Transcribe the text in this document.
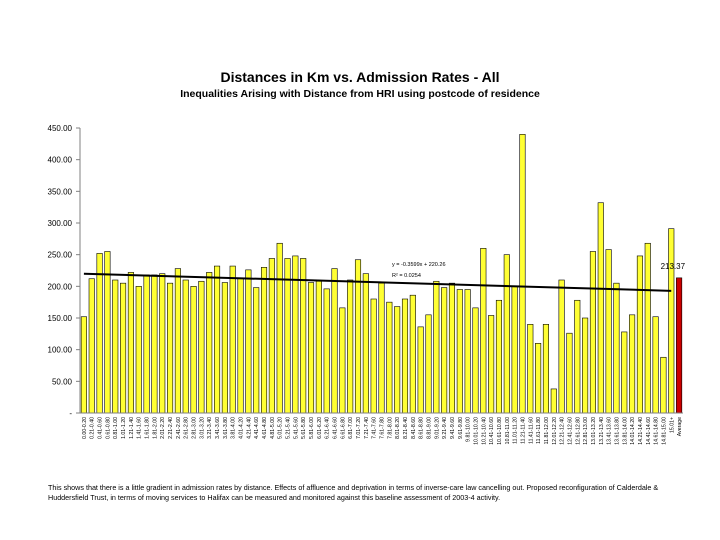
Distances in Km vs. Admission Rates - All
Inequalities Arising with Distance from HRI using postcode of residence
-
50.00
100.00
150.00
200.00
250.00
300.00
350.00
400.00
450.00
y = -0.3599x + 220.26
R² = 0.0254
0.00-0.20 0.21-0.40 0.41-0.60 0.61-0.80 0.81-1.00 1.01-1.20 1.21-1.40 1.41-1.60 1.61-1.80 1.81-2.00 2.01-2.20 2.21-2.40 2.41-2.60 2.61-2.80 2.81-3.00 3.01-3.20 3.21-3.40 3.41-3.60 3.61-3.80 3.81-4.00 4.01-4.20 4.21-4.40 4.41-4.60 4.61-4.80 4.81-5.00 5.01-5.20 5.21-5.40 5.41-5.60 5.61-5.80 5.81-6.00 6.01-6.20 6.21-6.40 6.41-6.60 6.61-6.80 6.81-7.00 7.01-7.20 7.21-7.40 7.41-7.60 7.61-7.80 7.81-8.00 8.01-8.20 8.21-8.40 8.41-8.60 8.61-8.80 8.81-9.00 9.01-9.20 9.21-9.40 9.41-9.60 9.61-9.80 9.81-10.00 10.01-10.20 10.21-10.40 10.41-10.60 10.61-10.80 10.81-11.00 11.01-11.20 11.21-11.40 11.41-11.60 11.61-11.80 11.81-12.00 12.01-12.20 12.21-12.40 12.41-12.60 12.61-12.80 12.81-13.00 13.01-13.20 13.21-13.40 13.41-13.60 13.61-13.80 13.81-14.00 14.01-14.20 14.21-14.40 14.41-14.60 14.61-14.80 14.81-15.00 15.01+ Average
213.37
This shows that there is a little gradient in admission rates by distance. Effects of affluence and deprivation in terms of inverse-care law cancelling out. Proposed reconfiguration of Calderdale & Huddersfield Trust, in terms of moving services to Halifax can be measured and monitored against this baseline assessment of 2003-4 activity.
